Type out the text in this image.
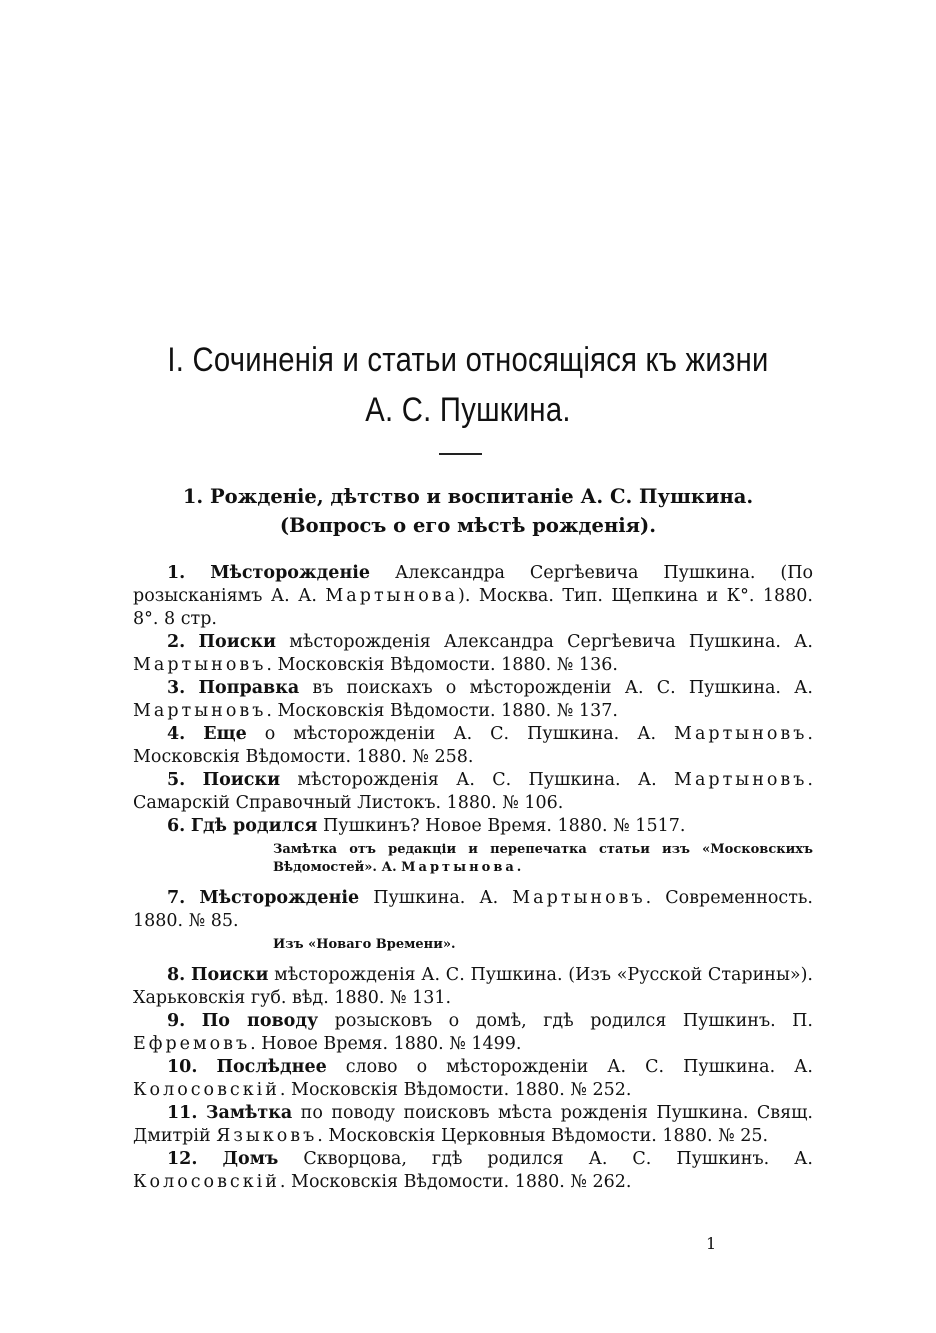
I. Сочиненія и статьи относящіяся къ жизни
А. С. Пушкина.
1. Рожденіе, дѣтство и воспитаніе А. С. Пушкина.
(Вопросъ о его мѣстѣ рожденія).

1. Мѣсторожденіе Александра Сергѣевича Пушкина. (По розысканіямъ А. А. Мартынова). Москва. Тип. Щепкина и К°. 1880. 8°. 8 стр.

2. Поиски мѣсторожденія Александра Сергѣевича Пушкина. А. Мартыновъ. Московскія Вѣдомости. 1880. № 136.

3. Поправка въ поискахъ о мѣсторожденіи А. С. Пушкина. А. Мартыновъ. Московскія Вѣдомости. 1880. № 137.

4. Еще о мѣсторожденіи А. С. Пушкина. А. Мартыновъ. Московскія Вѣдомости. 1880. № 258.

5. Поиски мѣсторожденія А. С. Пушкина. А. Мартыновъ. Самарскій Справочный Листокъ. 1880. № 106.

6. Гдѣ родился Пушкинъ? Новое Время. 1880. № 1517.

Замѣтка отъ редакціи и перепечатка статьи изъ «Московскихъ Вѣдомостей». А. Мартынова.

7. Мѣсторожденіе Пушкина. А. Мартыновъ. Современность. 1880. № 85.

Изъ «Новаго Времени».

8. Поиски мѣсторожденія А. С. Пушкина. (Изъ «Русской Старины»). Харьковскія губ. вѣд. 1880. № 131.

9. По поводу розысковъ о домѣ, гдѣ родился Пушкинъ. П. Ефремовъ. Новое Время. 1880. № 1499.

10. Послѣднее слово о мѣсторожденіи А. С. Пушкина. А. Колосовскій. Московскія Вѣдомости. 1880. № 252.

11. Замѣтка по поводу поисковъ мѣста рожденія Пушкина. Свящ. Дмитрій Языковъ. Московскія Церковныя Вѣдомости. 1880. № 25.

12. Домъ Скворцова, гдѣ родился А. С. Пушкинъ. А. Колосовскій. Московскія Вѣдомости. 1880. № 262.

1
